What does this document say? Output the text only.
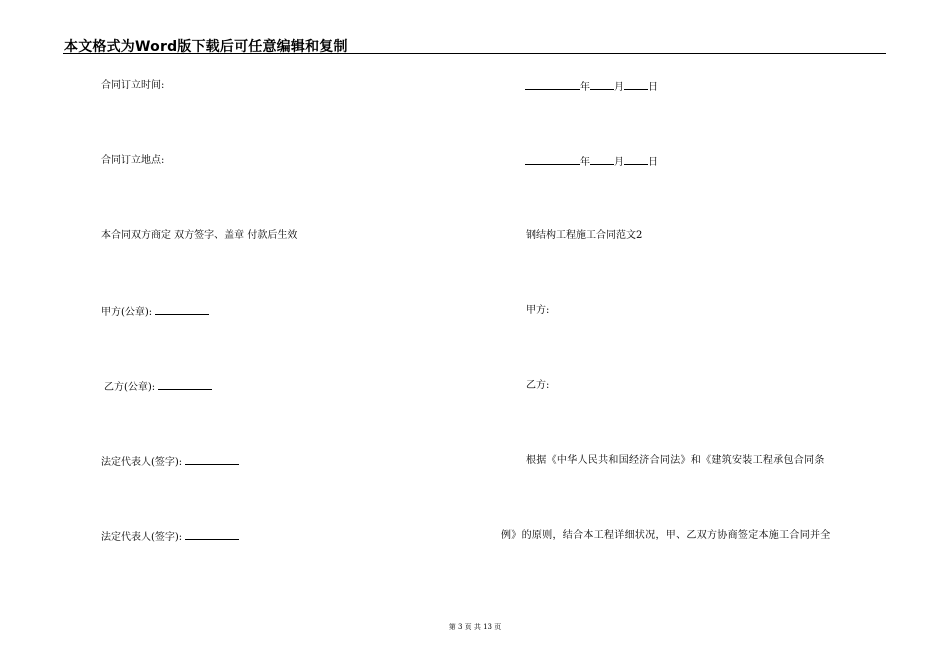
本文格式为Word版下载后可任意编辑和复制
合同订立时间:	年 月 日
合同订立地点:	年 月 日
本合同双方商定 双方签字、盖章 付款后生效	钢结构工程施工合同范文2
甲方(公章):	甲方:
乙方(公章):	乙方:
法定代表人(签字):	根据《中华人民共和国经济合同法》和《建筑安装工程承包合同条
法定代表人(签字):	例》的原则，结合本工程详细状况，甲、乙双方协商签定本施工合同并全
第 3 页 共 13 页
